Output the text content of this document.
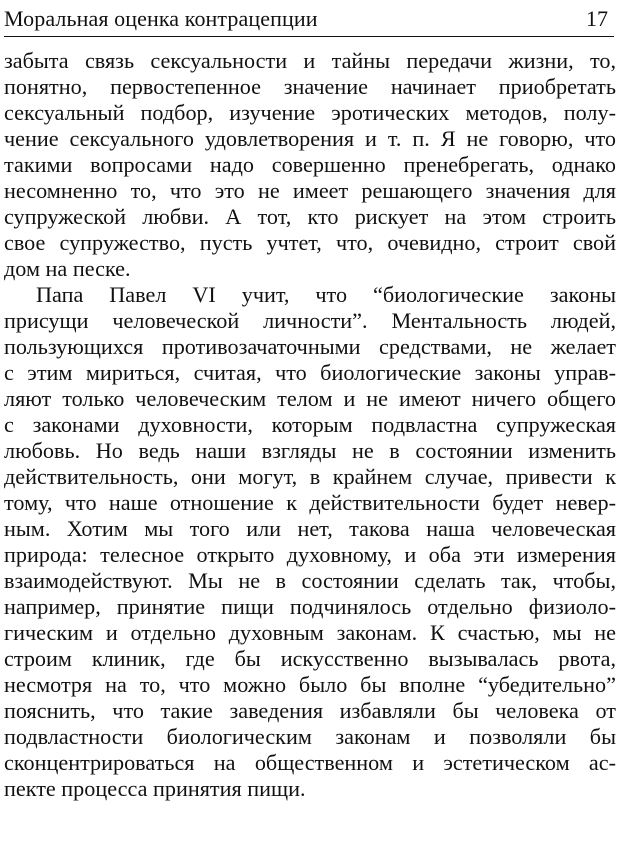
Моральная оценка контрацепции	17
забыта связь сексуальности и тайны передачи жизни, то,
понятно, первостепенное значение начинает приобретать
сексуальный подбор, изучение эротических методов, полу-
чение сексуального удовлетворения и т. п. Я не говорю, что
такими вопросами надо совершенно пренебрегать, однако
несомненно то, что это не имеет решающего значения для
супружеской любви. А тот, кто рискует на этом строить
свое супружество, пусть учтет, что, очевидно, строит свой
дом на песке.
Папа Павел VI учит, что “биологические законы
присущи человеческой личности”. Ментальность людей,
пользующихся противозачаточными средствами, не желает
с этим мириться, считая, что биологические законы управ-
ляют только человеческим телом и не имеют ничего общего
с законами духовности, которым подвластна супружеская
любовь. Но ведь наши взгляды не в состоянии изменить
действительность, они могут, в крайнем случае, привести к
тому, что наше отношение к действительности будет невер-
ным. Хотим мы того или нет, такова наша человеческая
природа: телесное открыто духовному, и оба эти измерения
взаимодействуют. Мы не в состоянии сделать так, чтобы,
например, принятие пищи подчинялось отдельно физиоло-
гическим и отдельно духовным законам. К счастью, мы не
строим клиник, где бы искусственно вызывалась рвота,
несмотря на то, что можно было бы вполне “убедительно”
пояснить, что такие заведения избавляли бы человека от
подвластности биологическим законам и позволяли бы
сконцентрироваться на общественном и эстетическом ас-
пекте процесса принятия пищи.
